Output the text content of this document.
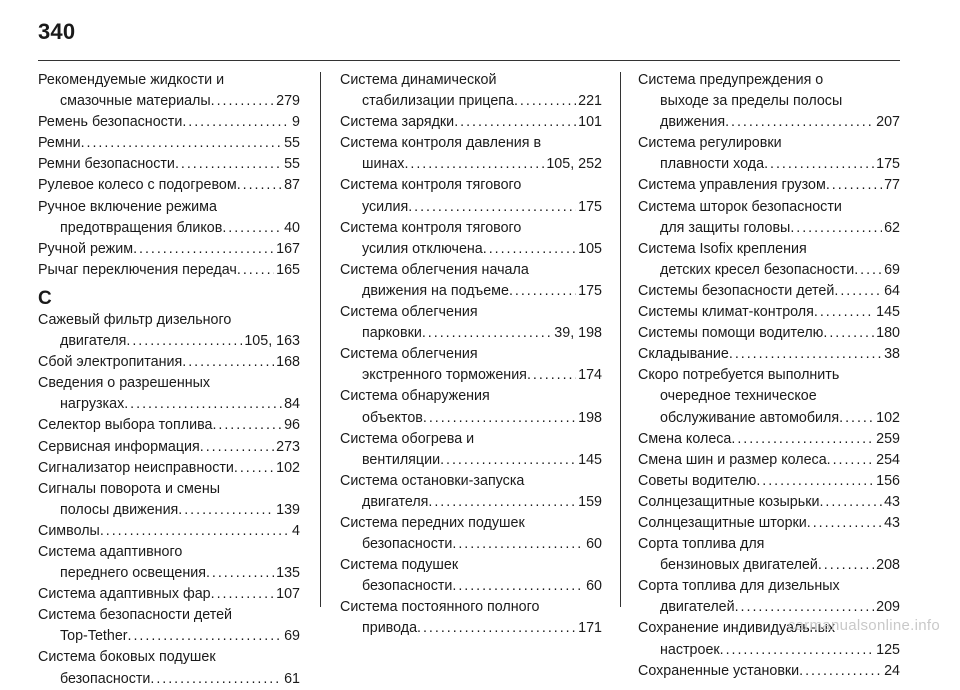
340
Рекомендуемые жидкости и
смазочные материалы . . .	279
Ремень безопасности . . .	9
Ремни . . .	55
Ремни безопасности . . .	55
Рулевое колесо с подогревом . . .	87
Ручное включение режима
предотвращения бликов . . .	40
Ручной режим . . .	167
Рычаг переключения передач . . .	165
С
Сажевый фильтр дизельного
двигателя . . .	105, 163
Сбой электропитания . . .	168
Сведения о разрешенных
нагрузках . . .	84
Селектор выбора топлива . . .	96
Сервисная информация . . .	273
Сигнализатор неисправности . . .	102
Сигналы поворота и смены
полосы движения . . .	139
Символы . . .	4
Система адаптивного
переднего освещения . . .	135
Система адаптивных фар . . .	107
Система безопасности детей
Top-Tether . . .	69
Система боковых подушек
безопасности . . .	61
Система динамической
стабилизации прицепа . . .	221
Система зарядки . . .	101
Система контроля давления в
шинах . . .	105, 252
Система контроля тягового
усилия . . .	175
Система контроля тягового
усилия отключена . . .	105
Система облегчения начала
движения на подъеме . . .	175
Система облегчения
парковки . . .	39, 198
Система облегчения
экстренного торможения . . .	174
Система обнаружения
объектов . . .	198
Система обогрева и
вентиляции . . .	145
Система остановки-запуска
двигателя . . .	159
Система передних подушек
безопасности . . .	60
Система подушек
безопасности . . .	60
Система постоянного полного
привода . . .	171
Система предупреждения о
выходе за пределы полосы
движения . . .	207
Система регулировки
плавности хода . . .	175
Система управления грузом . . .	77
Система шторок безопасности
для защиты головы . . .	62
Система Isofix крепления
детских кресел безопасности . . . 69
Системы безопасности детей . . .	64
Системы климат-контроля . . .	145
Системы помощи водителю . . .	180
Складывание . . .	38
Скоро потребуется выполнить
очередное техническое
обслуживание автомобиля . . .	102
Смена колеса . . .	259
Смена шин и размер колеса . . .	254
Советы водителю . . .	156
Солнцезащитные козырьки . . .	43
Солнцезащитные шторки . . .	43
Сорта топлива для
бензиновых двигателей . . .	208
Сорта топлива для дизельных
двигателей . . .	209
Сохранение индивидуальных
настроек . . .	125
Сохраненные установки . . .	24
carmanualsonline.info
